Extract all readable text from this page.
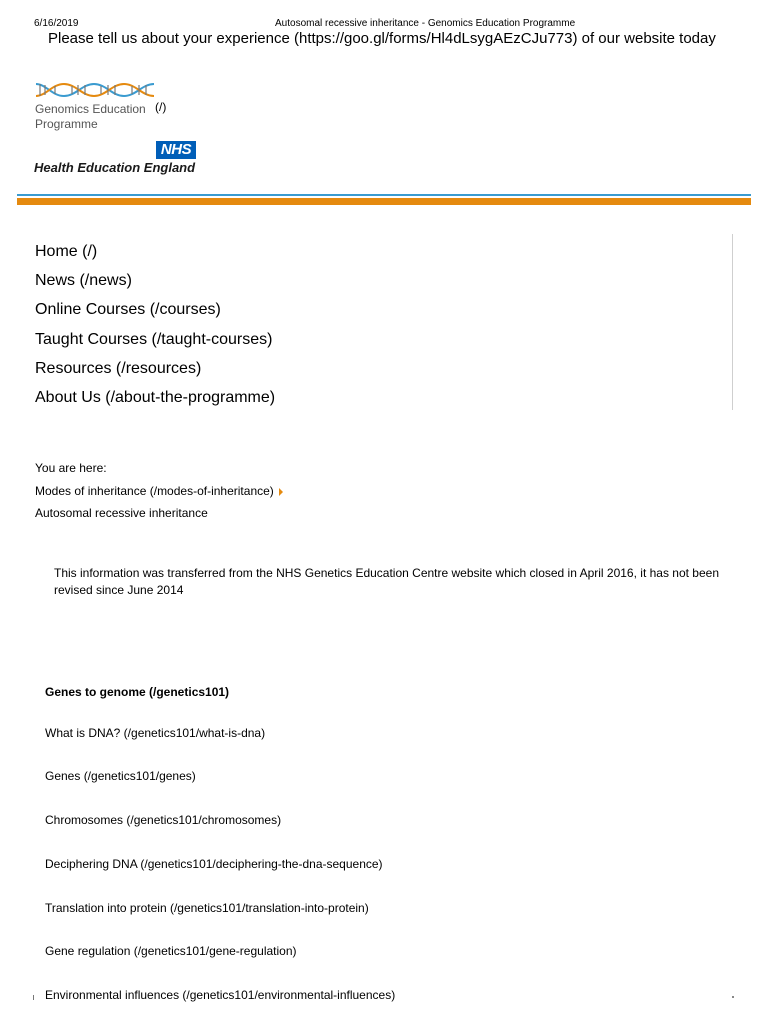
6/16/2019	Autosomal recessive inheritance - Genomics Education Programme
Please tell us about your experience (https://goo.gl/forms/Hl4dLsygAEzCJu773) of our website today
Genomics Education
Programme
(/)
NHS
Health Education England
Home (/)
News (/news)
Online Courses (/courses)
Taught Courses (/taught-courses)
Resources (/resources)
About Us (/about-the-programme)
You are here:
Modes of inheritance (/modes-of-inheritance)
Autosomal recessive inheritance
This information was transferred from the NHS Genetics Education Centre website which closed in April 2016, it has not been revised since June 2014
Genes to genome (/genetics101)
What is DNA? (/genetics101/what-is-dna)
Genes (/genetics101/genes)
Chromosomes (/genetics101/chromosomes)
Deciphering DNA (/genetics101/deciphering-the-dna-sequence)
Translation into protein (/genetics101/translation-into-protein)
Gene regulation (/genetics101/gene-regulation)
Environmental influences (/genetics101/environmental-influences)
